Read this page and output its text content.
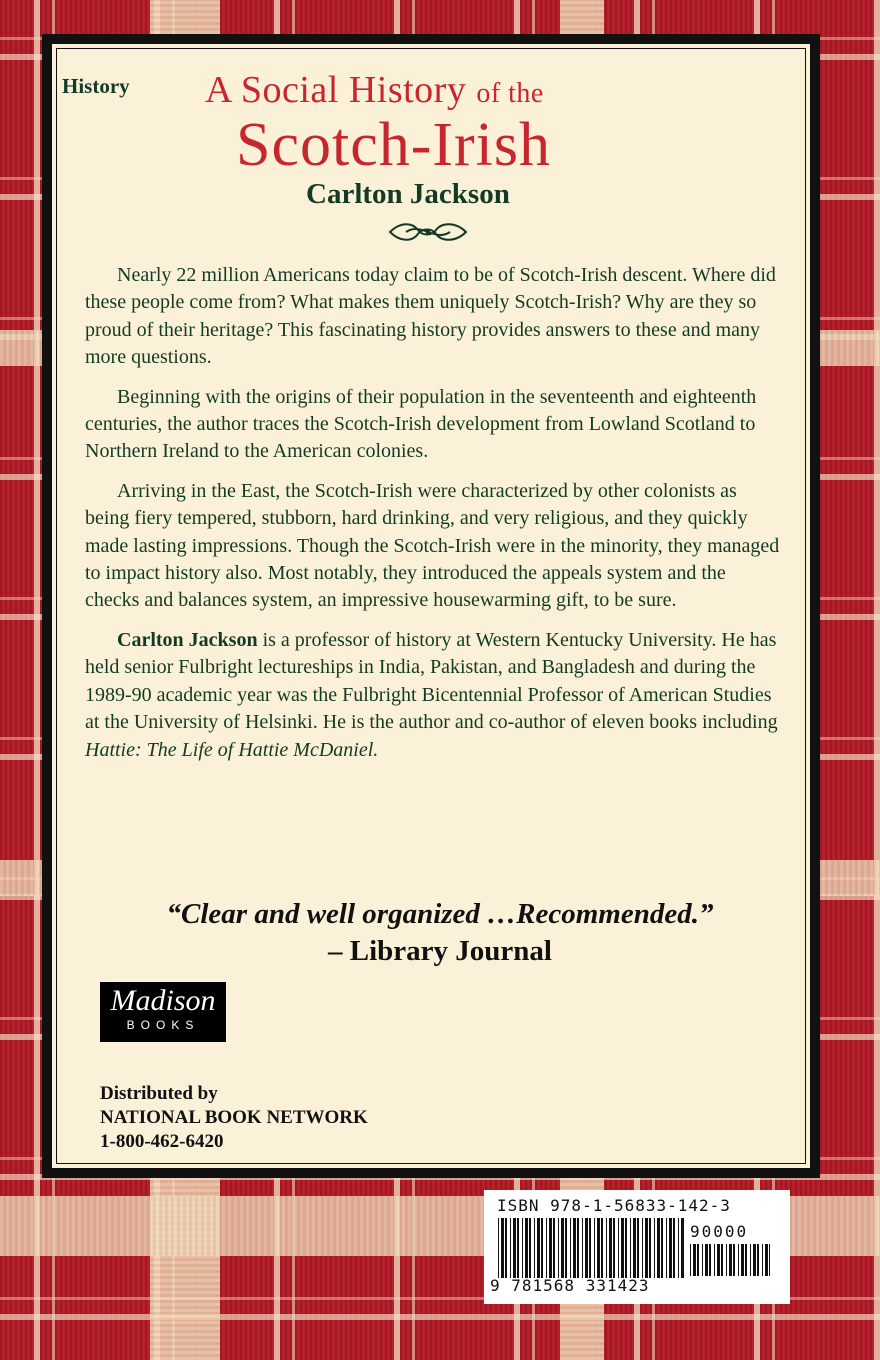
History A Social History of the
Scotch-Irish
Carlton Jackson

Nearly 22 million Americans today claim to be of Scotch-Irish descent. Where did these people come from? What makes them uniquely Scotch-Irish? Why are they so proud of their heritage? This fascinating history provides answers to these and many more questions.

Beginning with the origins of their population in the seventeenth and eighteenth centuries, the author traces the Scotch-Irish development from Lowland Scotland to Northern Ireland to the American colonies.

Arriving in the East, the Scotch-Irish were characterized by other colonists as being fiery tempered, stubborn, hard drinking, and very religious, and they quickly made lasting impressions. Though the Scotch-Irish were in the minority, they managed to impact history also. Most notably, they introduced the appeals system and the checks and balances system, an impressive housewarming gift, to be sure.

Carlton Jackson is a professor of history at Western Kentucky University. He has held senior Fulbright lectureships in India, Pakistan, and Bangladesh and during the 1989-90 academic year was the Fulbright Bicentennial Professor of American Studies at the University of Helsinki. He is the author and co-author of eleven books including Hattie: The Life of Hattie McDaniel.

“Clear and well organized …Recommended.”
– Library Journal
Madison
BOOKS
Distributed by
NATIONAL BOOK NETWORK
1-800-462-6420
ISBN 978-1-56833-142-3
90000
9 781568 331423
